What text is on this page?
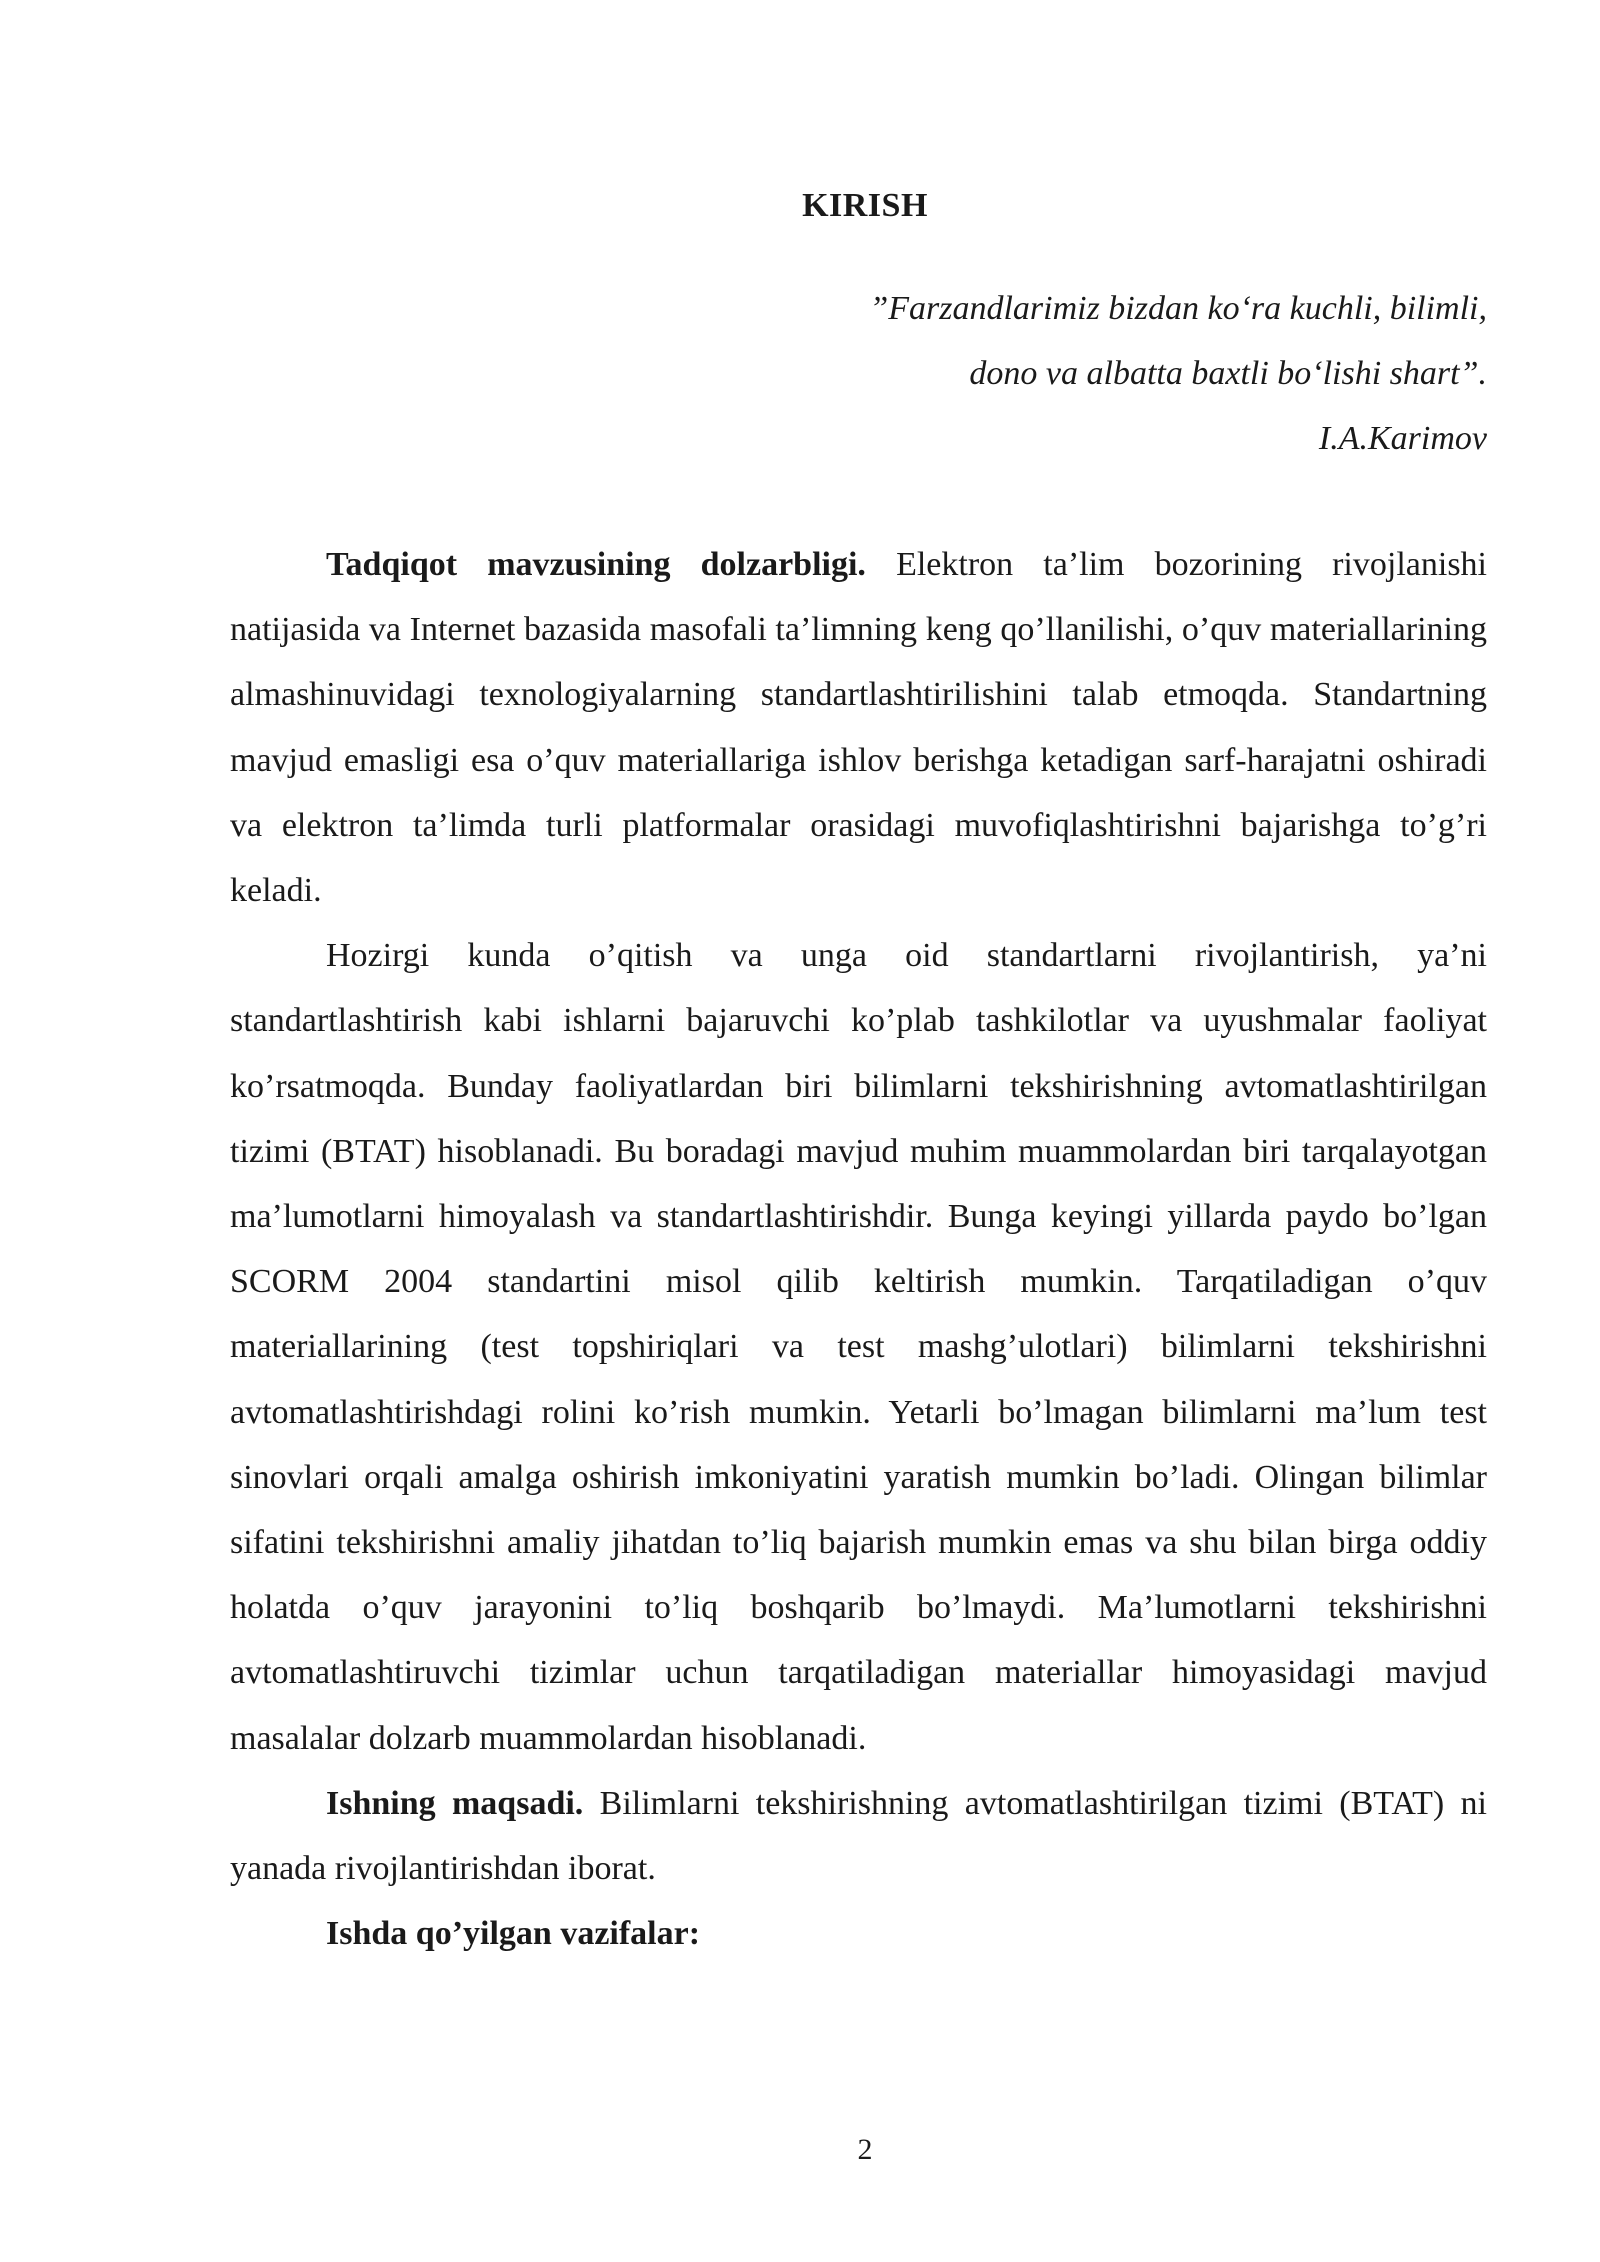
KIRISH
”Farzandlarimiz bizdan ko‘ra kuchli, bilimli,
dono va albatta baxtli bo‘lishi shart”.
I.A.Karimov

Tadqiqot mavzusining dolzarbligi. Elektron ta’lim bozorining rivojlanishi natijasida va Internet bazasida masofali ta’limning keng qo’llanilishi, o’quv materiallarining almashinuvidagi texnologiyalarning standartlashtirilishini talab etmoqda. Standartning mavjud emasligi esa o’quv materiallariga ishlov berishga ketadigan sarf-harajatni oshiradi va elektron ta’limda turli platformalar orasidagi muvofiqlashtirishni bajarishga to’g’ri keladi.

Hozirgi kunda o’qitish va unga oid standartlarni rivojlantirish, ya’ni standartlashtirish kabi ishlarni bajaruvchi ko’plab tashkilotlar va uyushmalar faoliyat ko’rsatmoqda. Bunday faoliyatlardan biri bilimlarni tekshirishning avtomatlashtirilgan tizimi (BTAT) hisoblanadi. Bu boradagi mavjud muhim muammolardan biri tarqalayotgan ma’lumotlarni himoyalash va standartlashtirishdir. Bunga keyingi yillarda paydo bo’lgan SCORM 2004 standartini misol qilib keltirish mumkin. Tarqatiladigan o’quv materiallarining (test topshiriqlari va test mashg’ulotlari) bilimlarni tekshirishni avtomatlashtirishdagi rolini ko’rish mumkin. Yetarli bo’lmagan bilimlarni ma’lum test sinovlari orqali amalga oshirish imkoniyatini yaratish mumkin bo’ladi. Olingan bilimlar sifatini tekshirishni amaliy jihatdan to’liq bajarish mumkin emas va shu bilan birga oddiy holatda o’quv jarayonini to’liq boshqarib bo’lmaydi. Ma’lumotlarni tekshirishni avtomatlashtiruvchi tizimlar uchun tarqatiladigan materiallar himoyasidagi mavjud masalalar dolzarb muammolardan hisoblanadi.

Ishning maqsadi. Bilimlarni tekshirishning avtomatlashtirilgan tizimi (BTAT) ni yanada rivojlantirishdan iborat.

Ishda qo’yilgan vazifalar:

2
